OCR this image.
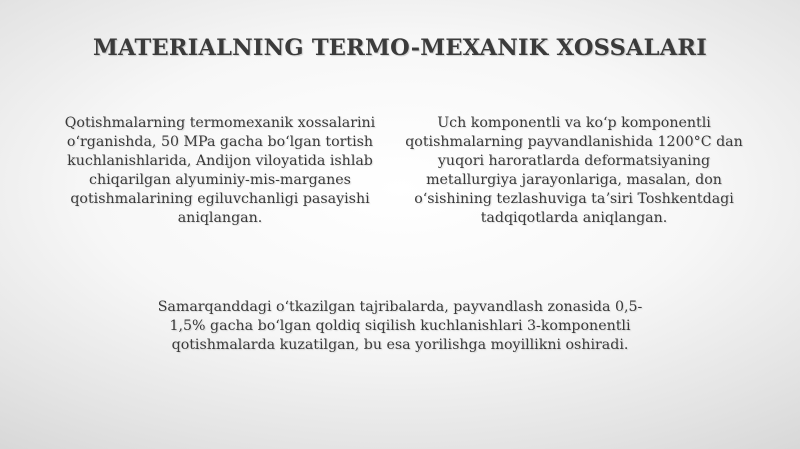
MATERIALNING TERMO-MEXANIK XOSSALARI
Qotishmalarning termomexanik xossalarini
oʻrganishda, 50 MPa gacha boʻlgan tortish
kuchlanishlarida, Andijon viloyatida ishlab
chiqarilgan alyuminiy-mis-marganes
qotishmalarining egiluvchanligi pasayishi
aniqlangan.
Uch komponentli va koʻp komponentli
qotishmalarning payvandlanishida 1200°C dan
yuqori haroratlarda deformatsiyaning
metallurgiya jarayonlariga, masalan, don
oʻsishining tezlashuviga taʼsiri Toshkentdagi
tadqiqotlarda aniqlangan.
Samarqanddagi oʻtkazilgan tajribalarda, payvandlash zonasida 0,5-
1,5% gacha boʻlgan qoldiq siqilish kuchlanishlari 3-komponentli
qotishmalarda kuzatilgan, bu esa yorilishga moyillikni oshiradi.
